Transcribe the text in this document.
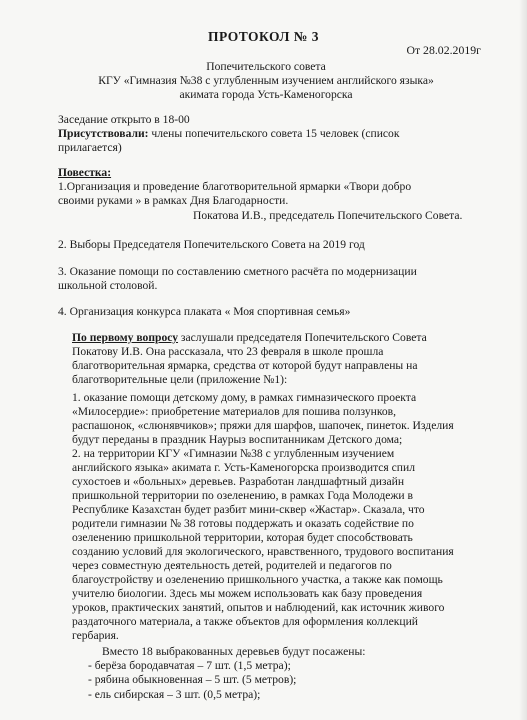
ПРОТОКОЛ № 3
От 28.02.2019г
Попечительского совета
КГУ «Гимназия №38 с углубленным изучением английского языка»
акимата города Усть-Каменогорска
Заседание открыто в 18-00
Присутствовали: члены попечительского совета 15 человек (список
прилагается)
Повестка:
1.Организация и проведение благотворительной ярмарки «Твори добро
своими руками » в рамках Дня Благодарности.
Покатова И.В., председатель Попечительского Совета.
2. Выборы Председателя Попечительского Совета на 2019 год
3. Оказание помощи по составлению сметного расчёта по модернизации
школьной столовой.
4. Организация конкурса плаката « Моя спортивная семья»
По первому вопросу заслушали председателя Попечительского Совета
Покатову И.В. Она рассказала, что 23 февраля в школе прошла
благотворительная ярмарка, средства от которой будут направлены на
благотворительные цели (приложение №1):
1. оказание помощи детскому дому, в рамках гимназического проекта
«Милосердие»: приобретение материалов для пошива ползунков,
распашонок, «слюнявчиков»; пряжи для шарфов, шапочек, пинеток. Изделия
будут переданы в праздник Наурыз воспитанникам Детского дома;
2. на территории КГУ «Гимназии №38 с углубленным изучением
английского языка» акимата г. Усть-Каменогорска производится спил
сухостоев и «больных» деревьев. Разработан ландшафтный дизайн
пришкольной территории по озеленению, в рамках Года Молодежи в
Республике Казахстан будет разбит мини-сквер «Жастар». Сказала, что
родители гимназии № 38 готовы поддержать и оказать содействие по
озеленению пришкольной территории, которая будет способствовать
созданию условий для экологического, нравственного, трудового воспитания
через совместную деятельность детей, родителей и педагогов по
благоустройству и озеленению пришкольного участка, а также как помощь
учителю биологии. Здесь мы можем использовать как базу проведения
уроков, практических занятий, опытов и наблюдений, как источник живого
раздаточного материала, а также объектов для оформления коллекций
гербария.
Вместо 18 выбракованных деревьев будут посажены:
- берёза бородавчатая – 7 шт. (1,5 метра);
- рябина обыкновенная – 5 шт. (5 метров);
- ель сибирская – 3 шт. (0,5 метра);
